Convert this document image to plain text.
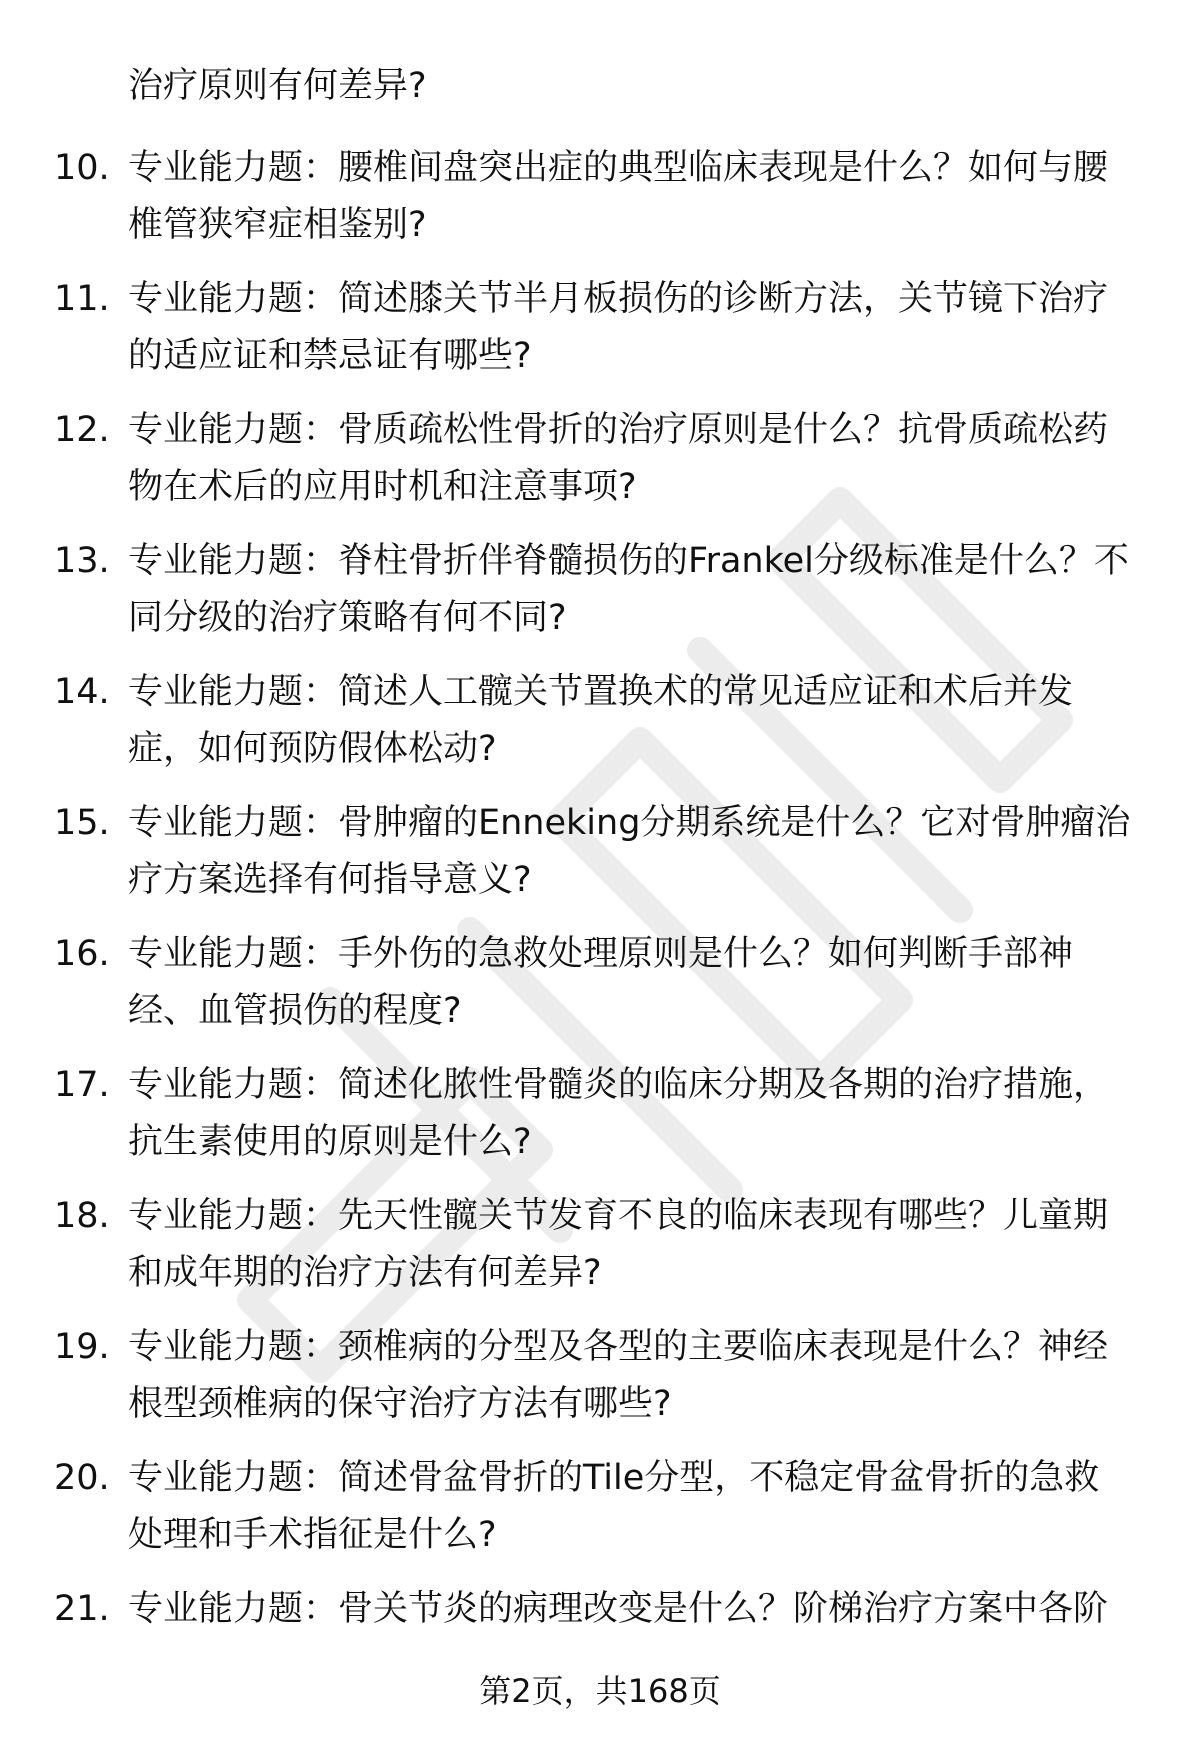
治疗原则有何差异?
10. 专业能力题：腰椎间盘突出症的典型临床表现是什么？如何与腰
椎管狭窄症相鉴别?
11. 专业能力题：简述膝关节半月板损伤的诊断方法，关节镜下治疗
的适应证和禁忌证有哪些?
12. 专业能力题：骨质疏松性骨折的治疗原则是什么？抗骨质疏松药
物在术后的应用时机和注意事项?
13. 专业能力题：脊柱骨折伴脊髓损伤的Frankel分级标准是什么？不
同分级的治疗策略有何不同?
14. 专业能力题：简述人工髋关节置换术的常见适应证和术后并发
症，如何预防假体松动?
15. 专业能力题：骨肿瘤的Enneking分期系统是什么？它对骨肿瘤治
疗方案选择有何指导意义?
16. 专业能力题：手外伤的急救处理原则是什么？如何判断手部神
经、血管损伤的程度?
17. 专业能力题：简述化脓性骨髓炎的临床分期及各期的治疗措施，
抗生素使用的原则是什么?
18. 专业能力题：先天性髋关节发育不良的临床表现有哪些？儿童期
和成年期的治疗方法有何差异?
19. 专业能力题：颈椎病的分型及各型的主要临床表现是什么？神经
根型颈椎病的保守治疗方法有哪些?
20. 专业能力题：简述骨盆骨折的Tile分型，不稳定骨盆骨折的急救
处理和手术指征是什么?
21. 专业能力题：骨关节炎的病理改变是什么？阶梯治疗方案中各阶
第2页，共168页
